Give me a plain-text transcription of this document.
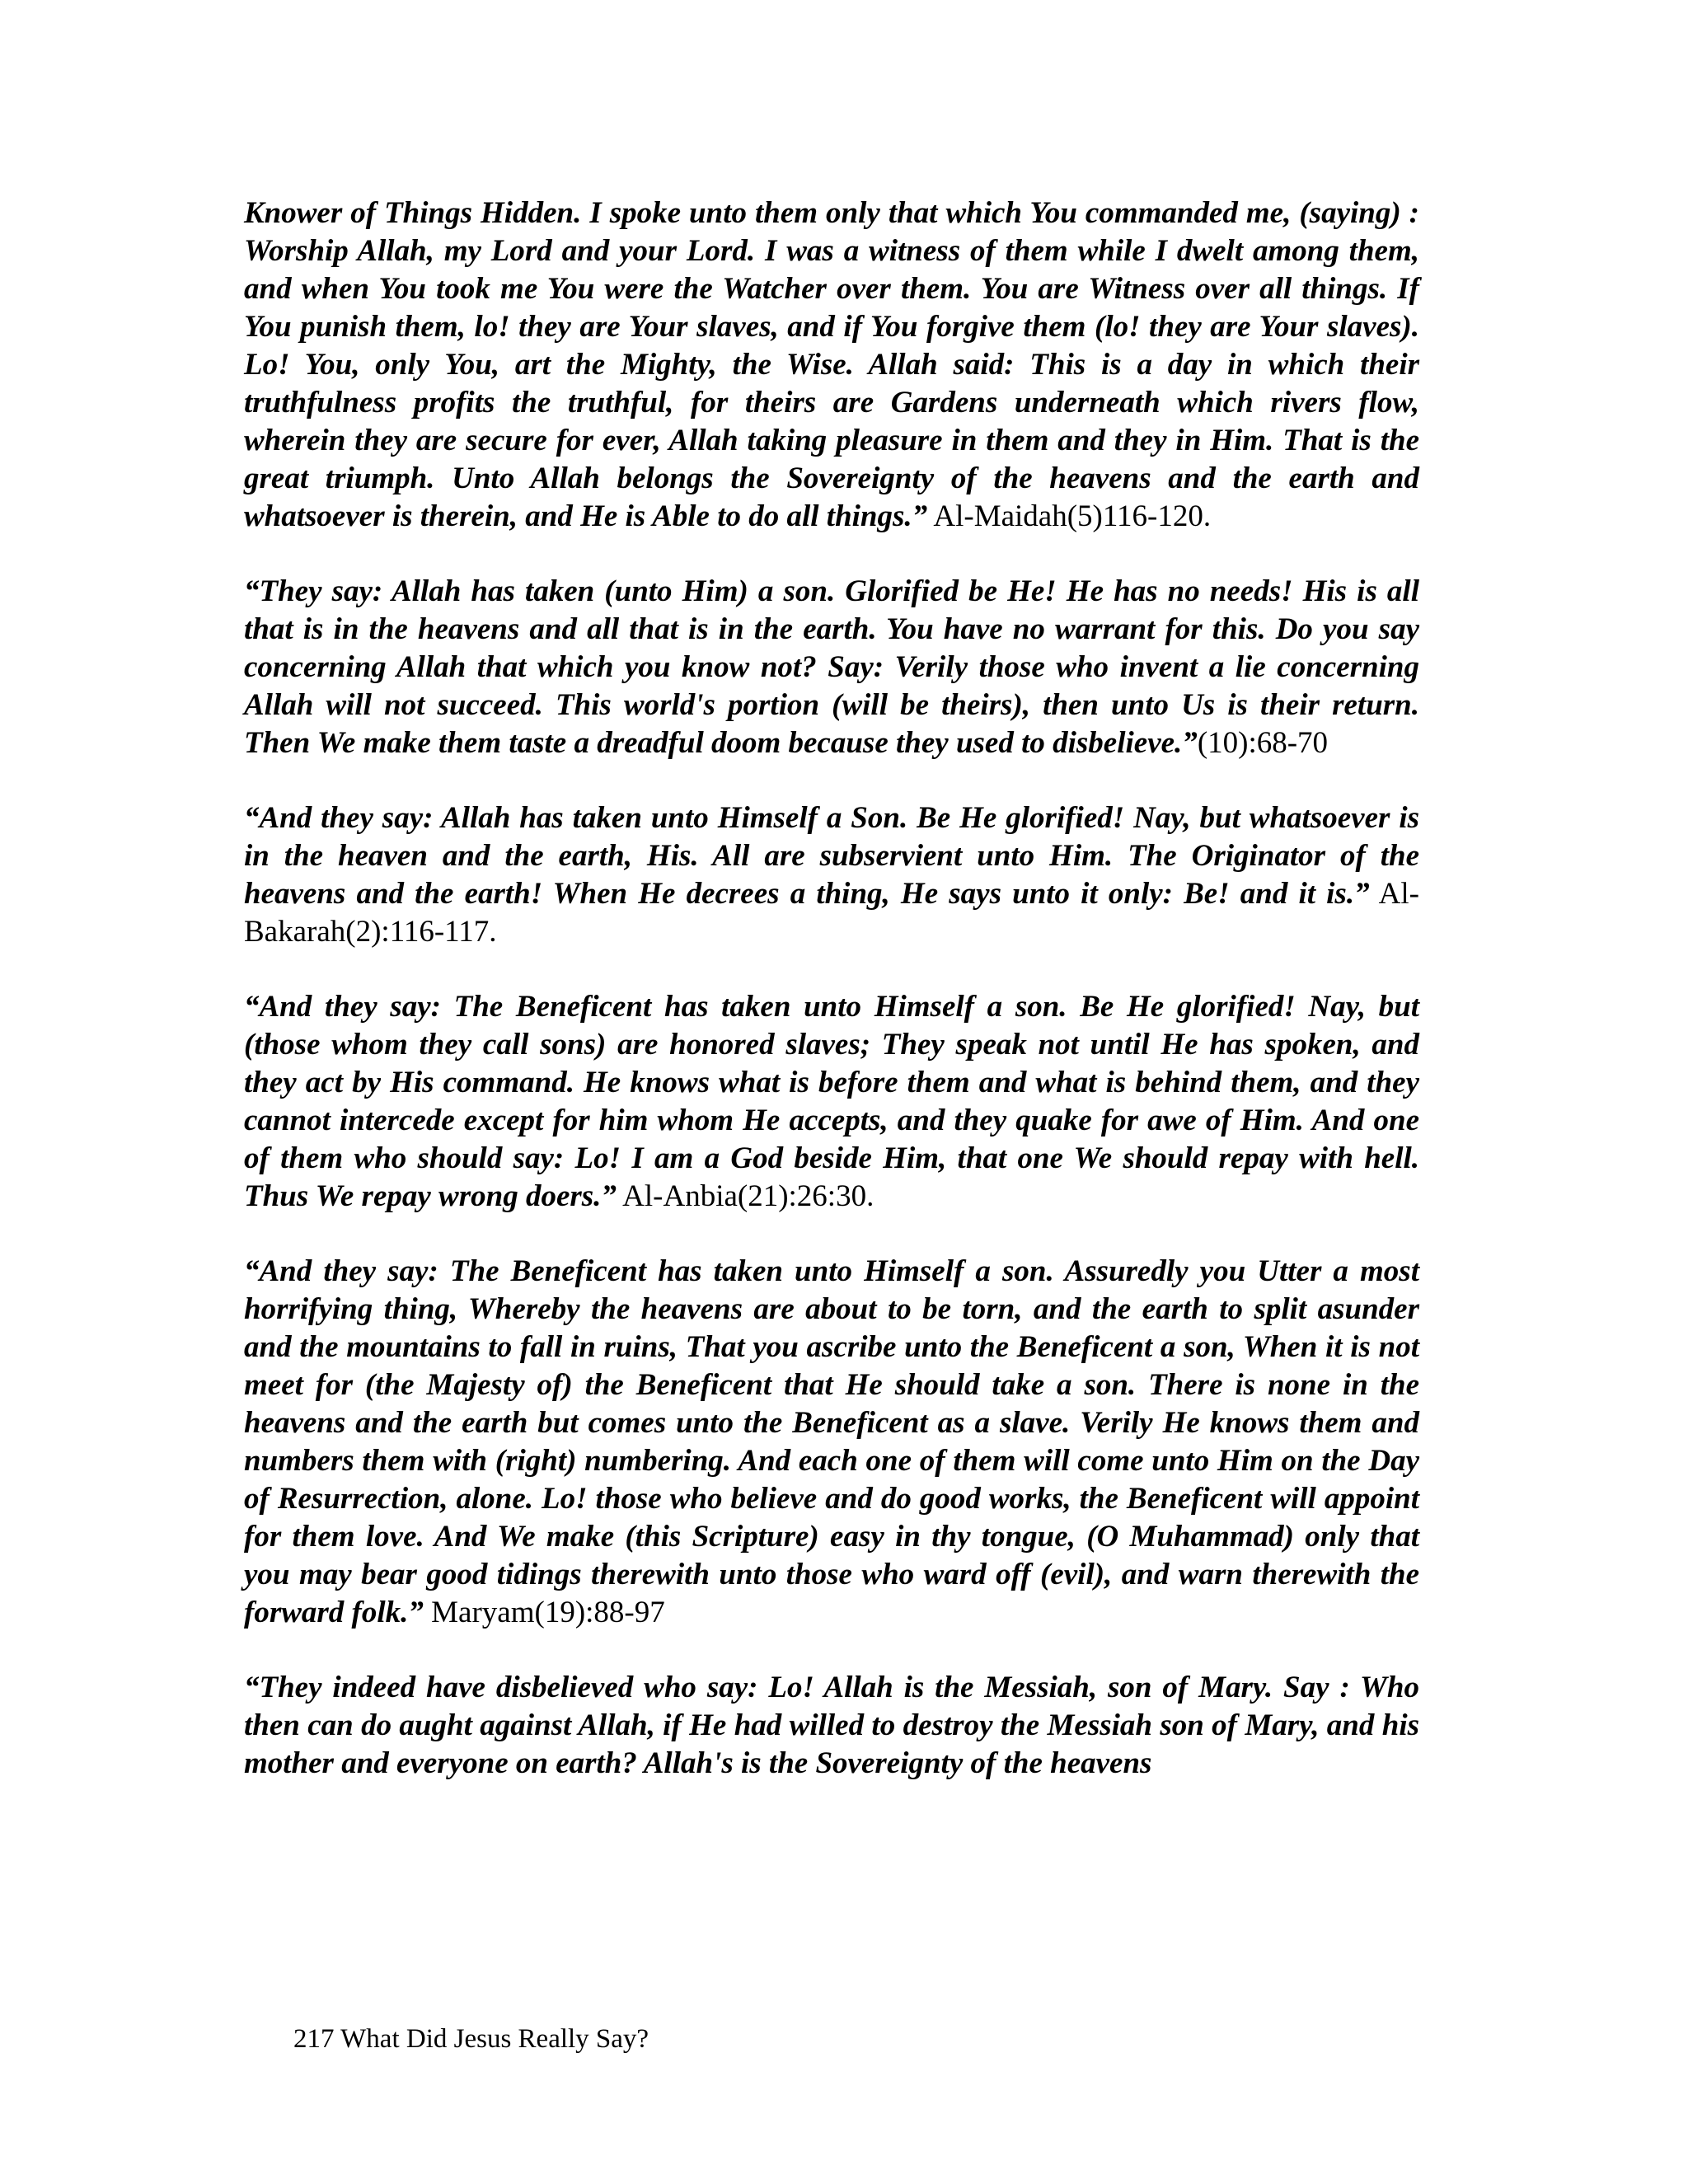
Knower of Things Hidden. I spoke unto them only that which You commanded me, (saying) : Worship Allah, my Lord and your Lord. I was a witness of them while I dwelt among them, and when You took me You were the Watcher over them. You are Witness over all things. If You punish them, lo! they are Your slaves, and if You forgive them (lo! they are Your slaves). Lo! You, only You, art the Mighty, the Wise. Allah said: This is a day in which their truthfulness profits the truthful, for theirs are Gardens underneath which rivers flow, wherein they are secure for ever, Allah taking pleasure in them and they in Him. That is the great triumph. Unto Allah belongs the Sovereignty of the heavens and the earth and whatsoever is therein, and He is Able to do all things.” Al-Maidah(5)116-120.

“They say: Allah has taken (unto Him) a son. Glorified be He! He has no needs! His is all that is in the heavens and all that is in the earth. You have no warrant for this. Do you say concerning Allah that which you know not? Say: Verily those who invent a lie concerning Allah will not succeed. This world's portion (will be theirs), then unto Us is their return. Then We make them taste a dreadful doom because they used to disbelieve.”(10):68-70

“And they say: Allah has taken unto Himself a Son. Be He glorified! Nay, but whatsoever is in the heaven and the earth, His. All are subservient unto Him. The Originator of the heavens and the earth! When He decrees a thing, He says unto it only: Be! and it is.” Al-Bakarah(2):116-117.

“And they say: The Beneficent has taken unto Himself a son. Be He glorified! Nay, but (those whom they call sons) are honored slaves; They speak not until He has spoken, and they act by His command. He knows what is before them and what is behind them, and they cannot intercede except for him whom He accepts, and they quake for awe of Him. And one of them who should say: Lo! I am a God beside Him, that one We should repay with hell. Thus We repay wrong doers.” Al-Anbia(21):26:30.

“And they say: The Beneficent has taken unto Himself a son. Assuredly you Utter a most horrifying thing, Whereby the heavens are about to be torn, and the earth to split asunder and the mountains to fall in ruins, That you ascribe unto the Beneficent a son, When it is not meet for (the Majesty of) the Beneficent that He should take a son. There is none in the heavens and the earth but comes unto the Beneficent as a slave. Verily He knows them and numbers them with (right) numbering. And each one of them will come unto Him on the Day of Resurrection, alone. Lo! those who believe and do good works, the Beneficent will appoint for them love. And We make (this Scripture) easy in thy tongue, (O Muhammad) only that you may bear good tidings therewith unto those who ward off (evil), and warn therewith the forward folk.” Maryam(19):88-97

“They indeed have disbelieved who say: Lo! Allah is the Messiah, son of Mary. Say : Who then can do aught against Allah, if He had willed to destroy the Messiah son of Mary, and his mother and everyone on earth? Allah's is the Sovereignty of the heavens

217 What Did Jesus Really Say?
